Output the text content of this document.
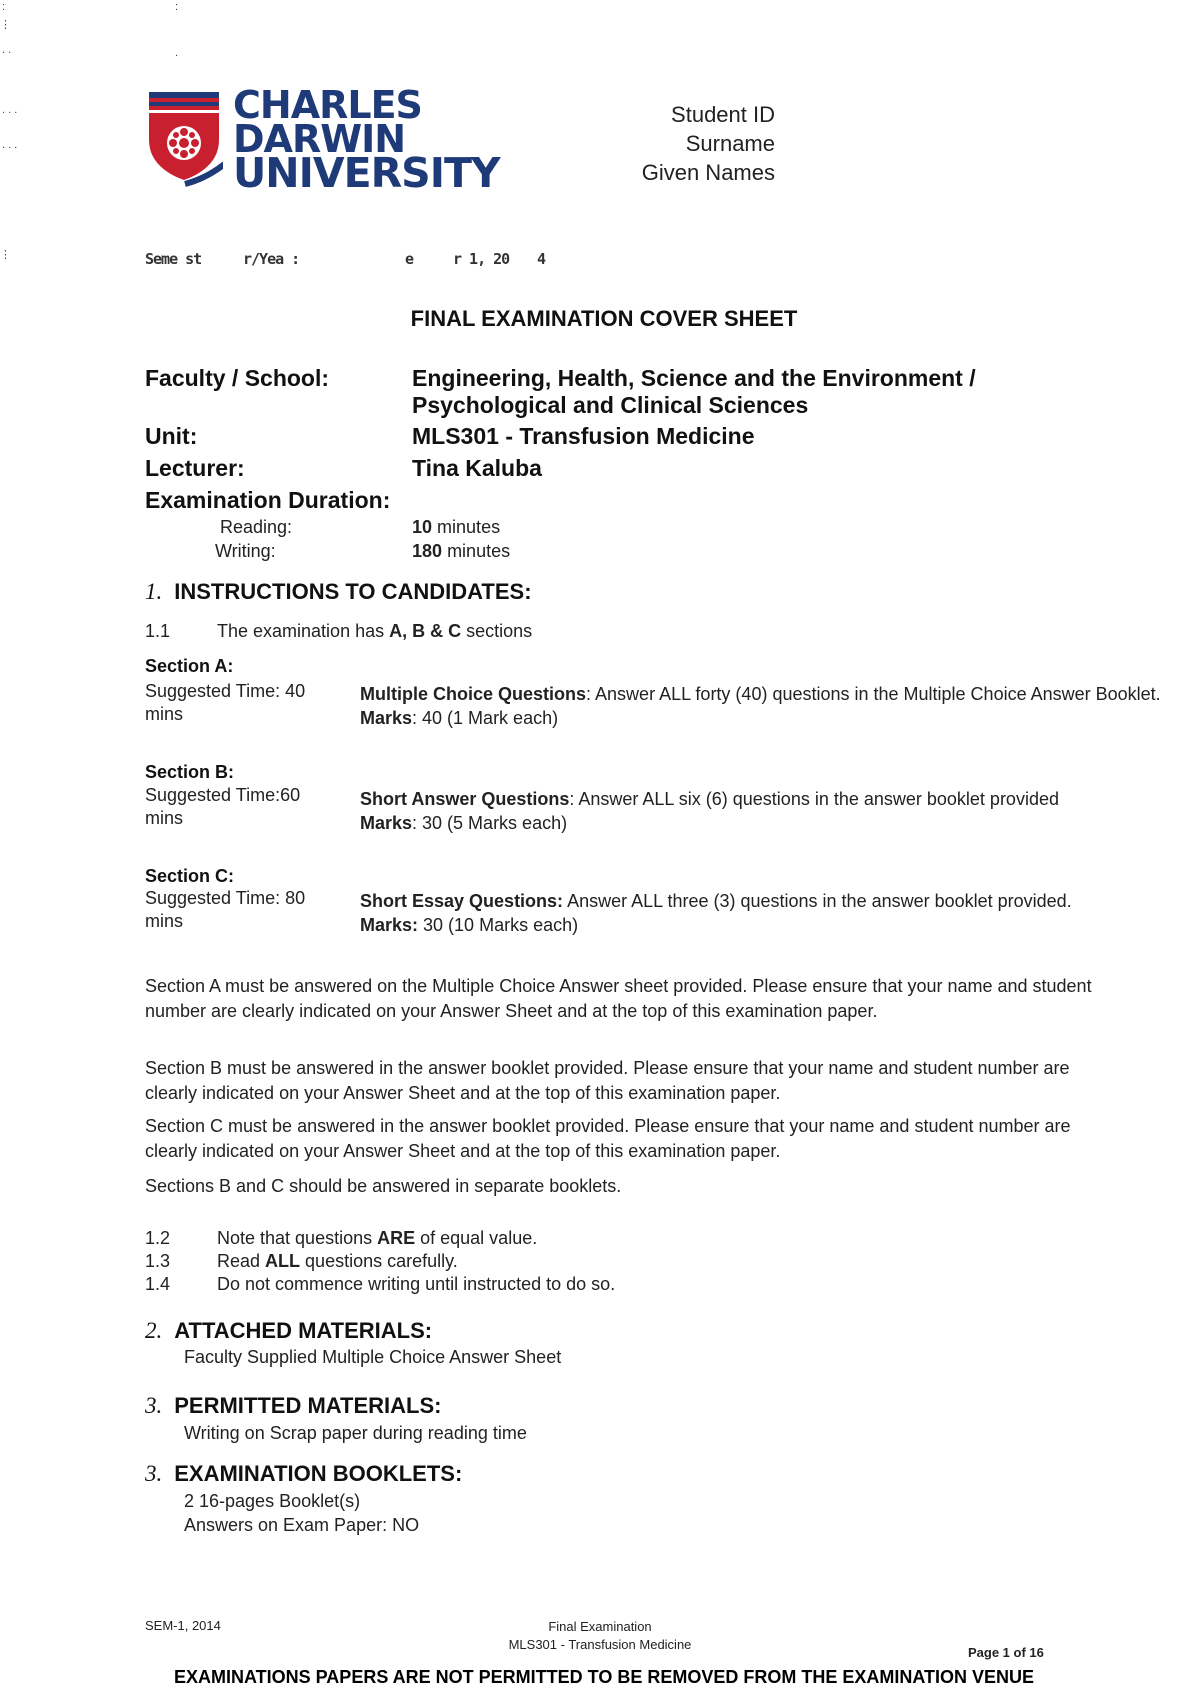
:	:
⋮
. .	.
. . .
. . .
⋮
CHARLES
DARWIN
UNIVERSITY
Student ID
Surname
Given Names
Seme st	r/Yea :	e	r 1, 20 4
FINAL EXAMINATION COVER SHEET
Faculty / School:	Engineering, Health, Science and the Environment /
Psychological and Clinical Sciences
Unit:	MLS301 - Transfusion Medicine
Lecturer:	Tina Kaluba
Examination Duration:
Reading:	10 minutes
Writing:	180 minutes
1. INSTRUCTIONS TO CANDIDATES:
1.1	The examination has A, B & C sections
Section A:
Suggested Time: 40 mins
Multiple Choice Questions: Answer ALL forty (40) questions in the Multiple Choice Answer Booklet.
Marks: 40 (1 Mark each)
Section B:
Suggested Time:60 mins
Short Answer Questions: Answer ALL six (6) questions in the answer booklet provided
Marks: 30 (5 Marks each)
Section C:
Suggested Time: 80 mins
Short Essay Questions: Answer ALL three (3) questions in the answer booklet provided.
Marks: 30 (10 Marks each)
Section A must be answered on the Multiple Choice Answer sheet provided. Please ensure that your name and student number are clearly indicated on your Answer Sheet and at the top of this examination paper.
Section B must be answered in the answer booklet provided. Please ensure that your name and student number are clearly indicated on your Answer Sheet and at the top of this examination paper.
Section C must be answered in the answer booklet provided. Please ensure that your name and student number are clearly indicated on your Answer Sheet and at the top of this examination paper.
Sections B and C should be answered in separate booklets.
1.2	Note that questions ARE of equal value.
1.3	Read ALL questions carefully.
1.4	Do not commence writing until instructed to do so.
2. ATTACHED MATERIALS:
Faculty Supplied Multiple Choice Answer Sheet
3. PERMITTED MATERIALS:
Writing on Scrap paper during reading time
3. EXAMINATION BOOKLETS:
2 16-pages Booklet(s)
Answers on Exam Paper: NO
SEM-1, 2014	Final Examination
MLS301 - Transfusion Medicine
Page 1 of 16
EXAMINATIONS PAPERS ARE NOT PERMITTED TO BE REMOVED FROM THE EXAMINATION VENUE
